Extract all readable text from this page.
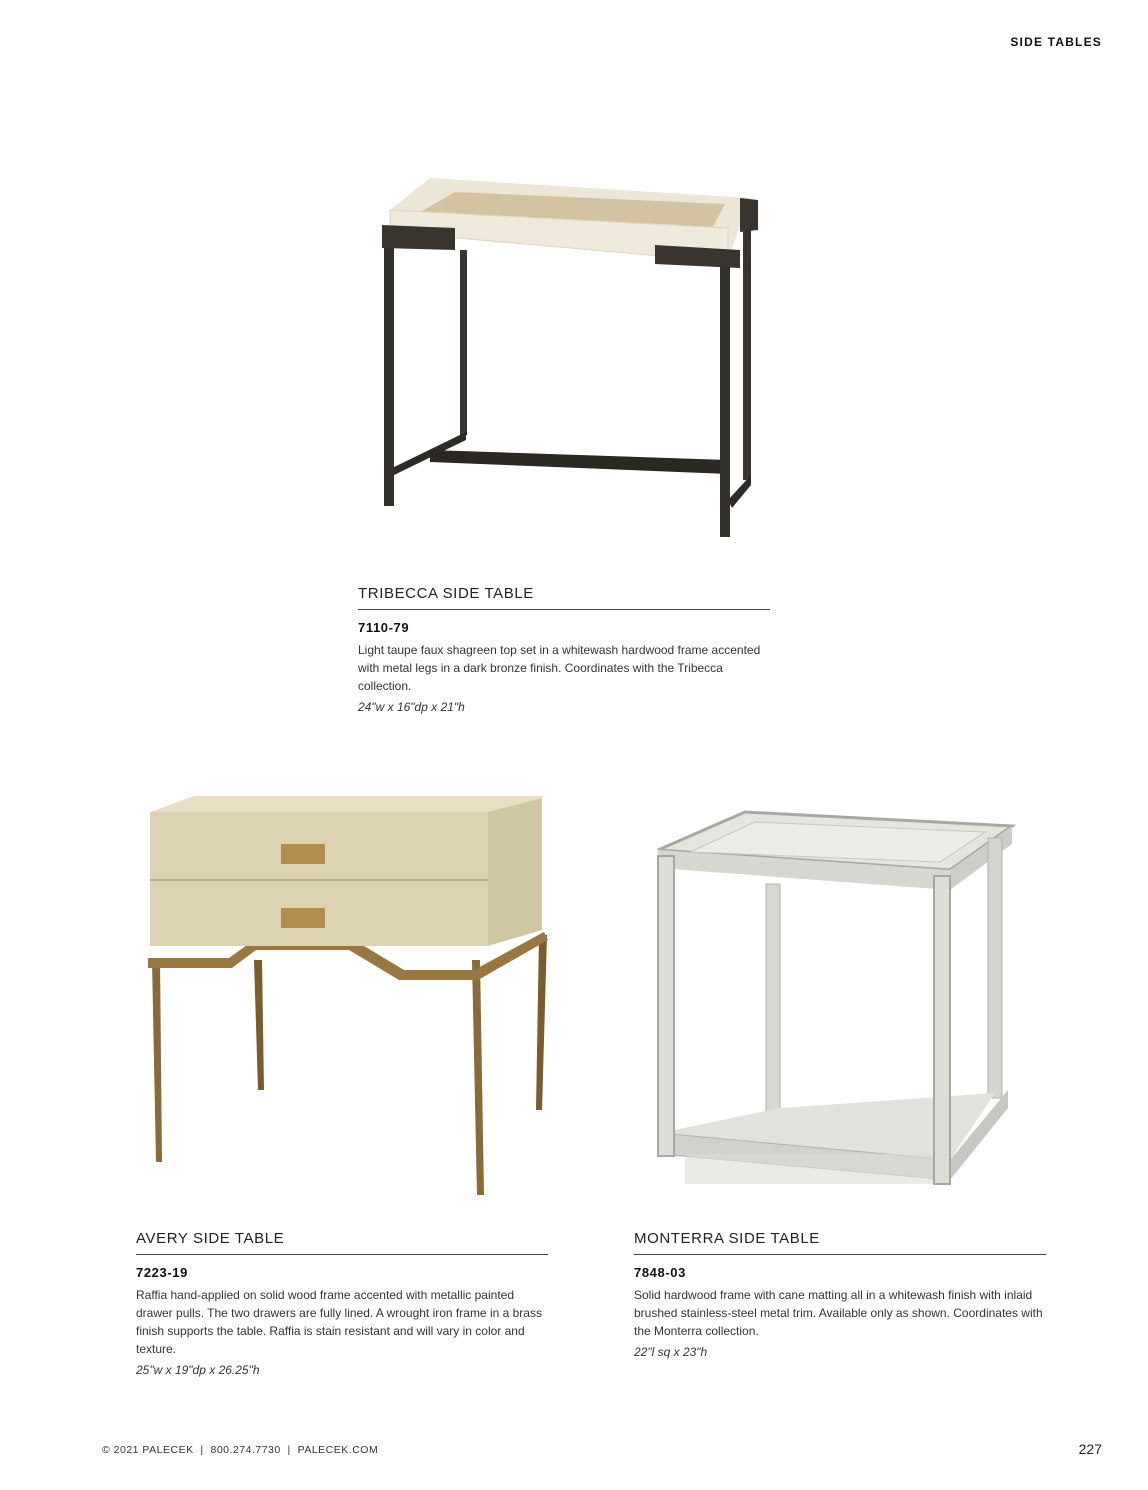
SIDE TABLES
TRIBECCA SIDE TABLE
7110-79
Light taupe faux shagreen top set in a whitewash hardwood frame accented with metal legs in a dark bronze finish. Coordinates with the Tribecca collection.
24"w x 16"dp x 21"h
AVERY SIDE TABLE
7223-19
Raffia hand-applied on solid wood frame accented with metallic painted drawer pulls. The two drawers are fully lined. A wrought iron frame in a brass finish supports the table. Raffia is stain resistant and will vary in color and texture.
25"w x 19"dp x 26.25"h
MONTERRA SIDE TABLE
7848-03
Solid hardwood frame with cane matting all in a whitewash finish with inlaid brushed stainless-steel metal trim. Available only as shown. Coordinates with the Monterra collection.
22"l sq x 23"h
© 2021 PALECEK  |  800.274.7730  |  PALECEK.COM	227
